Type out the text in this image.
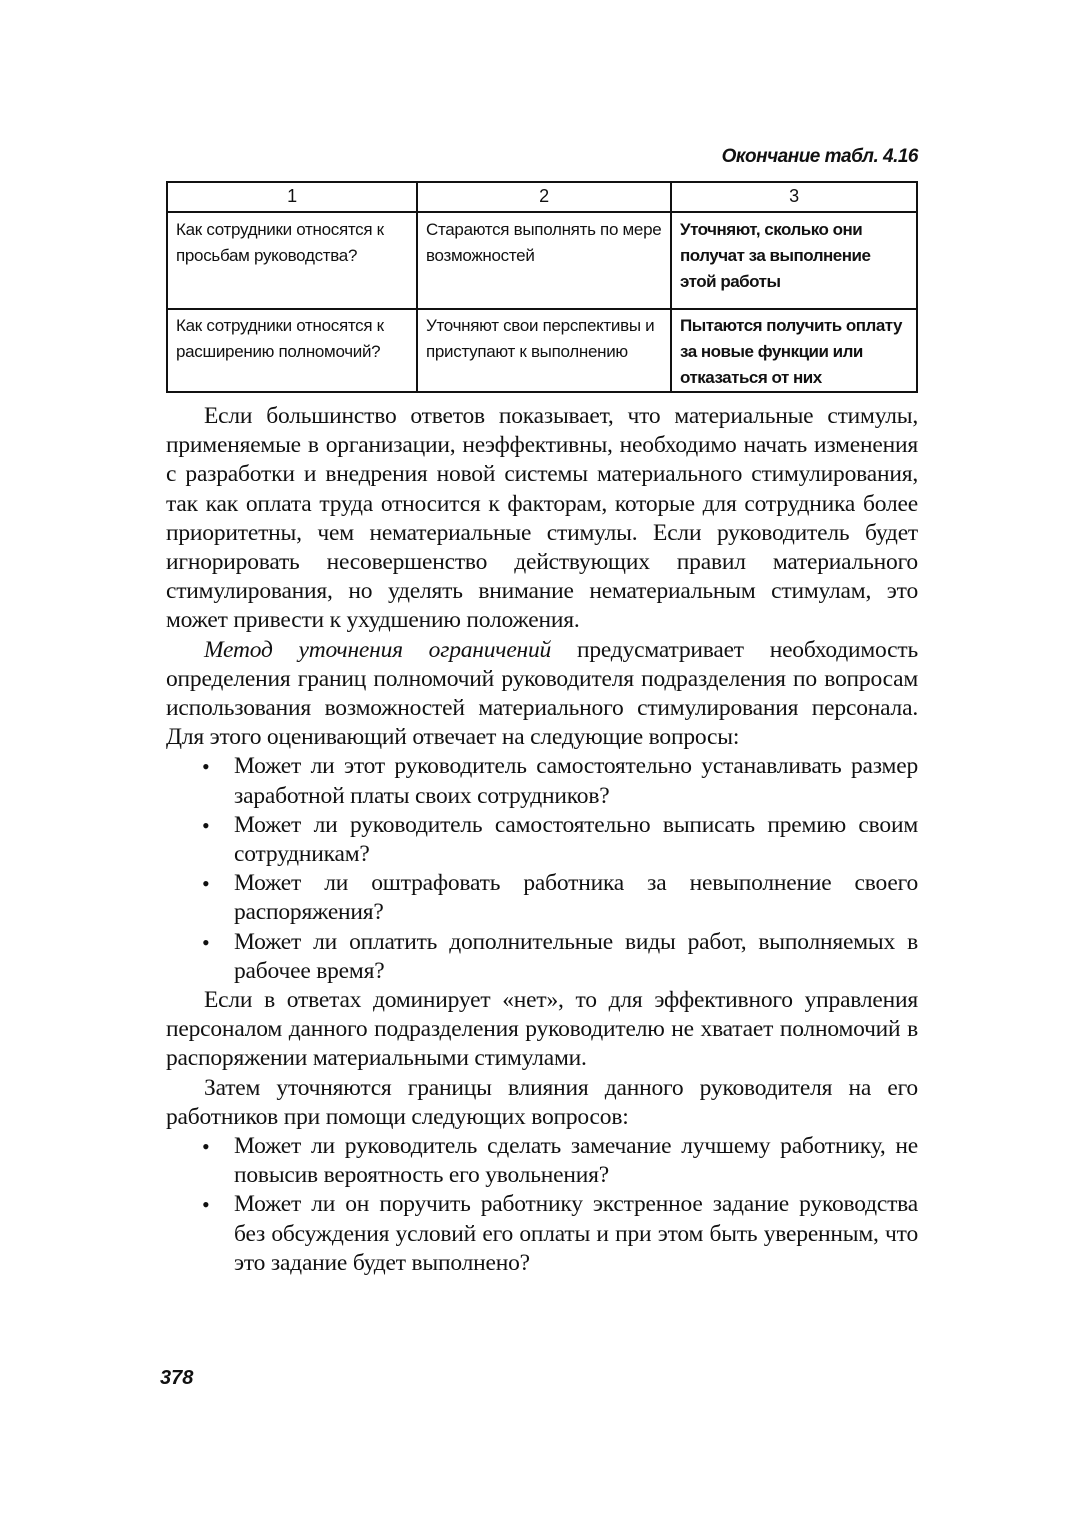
Окончание табл. 4.16
1	2	3
Как сотрудники относятся к просьбам руководства?	Стараются выполнять по мере возможностей	Уточняют, сколько они получат за выполнение этой работы
Как сотрудники относятся к расширению полномочий?	Уточняют свои перспективы и приступают к выполнению	Пытаются получить оплату за новые функции или отказаться от них

Если большинство ответов показывает, что материальные стимулы, применяемые в организации, неэффективны, необходимо начать изменения с разработки и внедрения новой системы материального стимулирования, так как оплата труда относится к факторам, которые для сотрудника более приоритетны, чем нематериальные стимулы. Если руководитель будет игнорировать несовершенство действующих правил материального стимулирования, но уделять внимание нематериальным стимулам, это может привести к ухудшению положения.

Метод уточнения ограничений предусматривает необходимость определения границ полномочий руководителя подразделения по вопросам использования возможностей материального стимулирования персонала. Для этого оценивающий отвечает на следующие вопросы:

• Может ли этот руководитель самостоятельно устанавливать размер заработной платы своих сотрудников?
• Может ли руководитель самостоятельно выписать премию своим сотрудникам?
• Может ли оштрафовать работника за невыполнение своего распоряжения?
• Может ли оплатить дополнительные виды работ, выполняемых в рабочее время?

Если в ответах доминирует «нет», то для эффективного управления персоналом данного подразделения руководителю не хватает полномочий в распоряжении материальными стимулами.

Затем уточняются границы влияния данного руководителя на его работников при помощи следующих вопросов:

• Может ли руководитель сделать замечание лучшему работнику, не повысив вероятность его увольнения?
• Может ли он поручить работнику экстренное задание руководства без обсуждения условий его оплаты и при этом быть уверенным, что это задание будет выполнено?
378
